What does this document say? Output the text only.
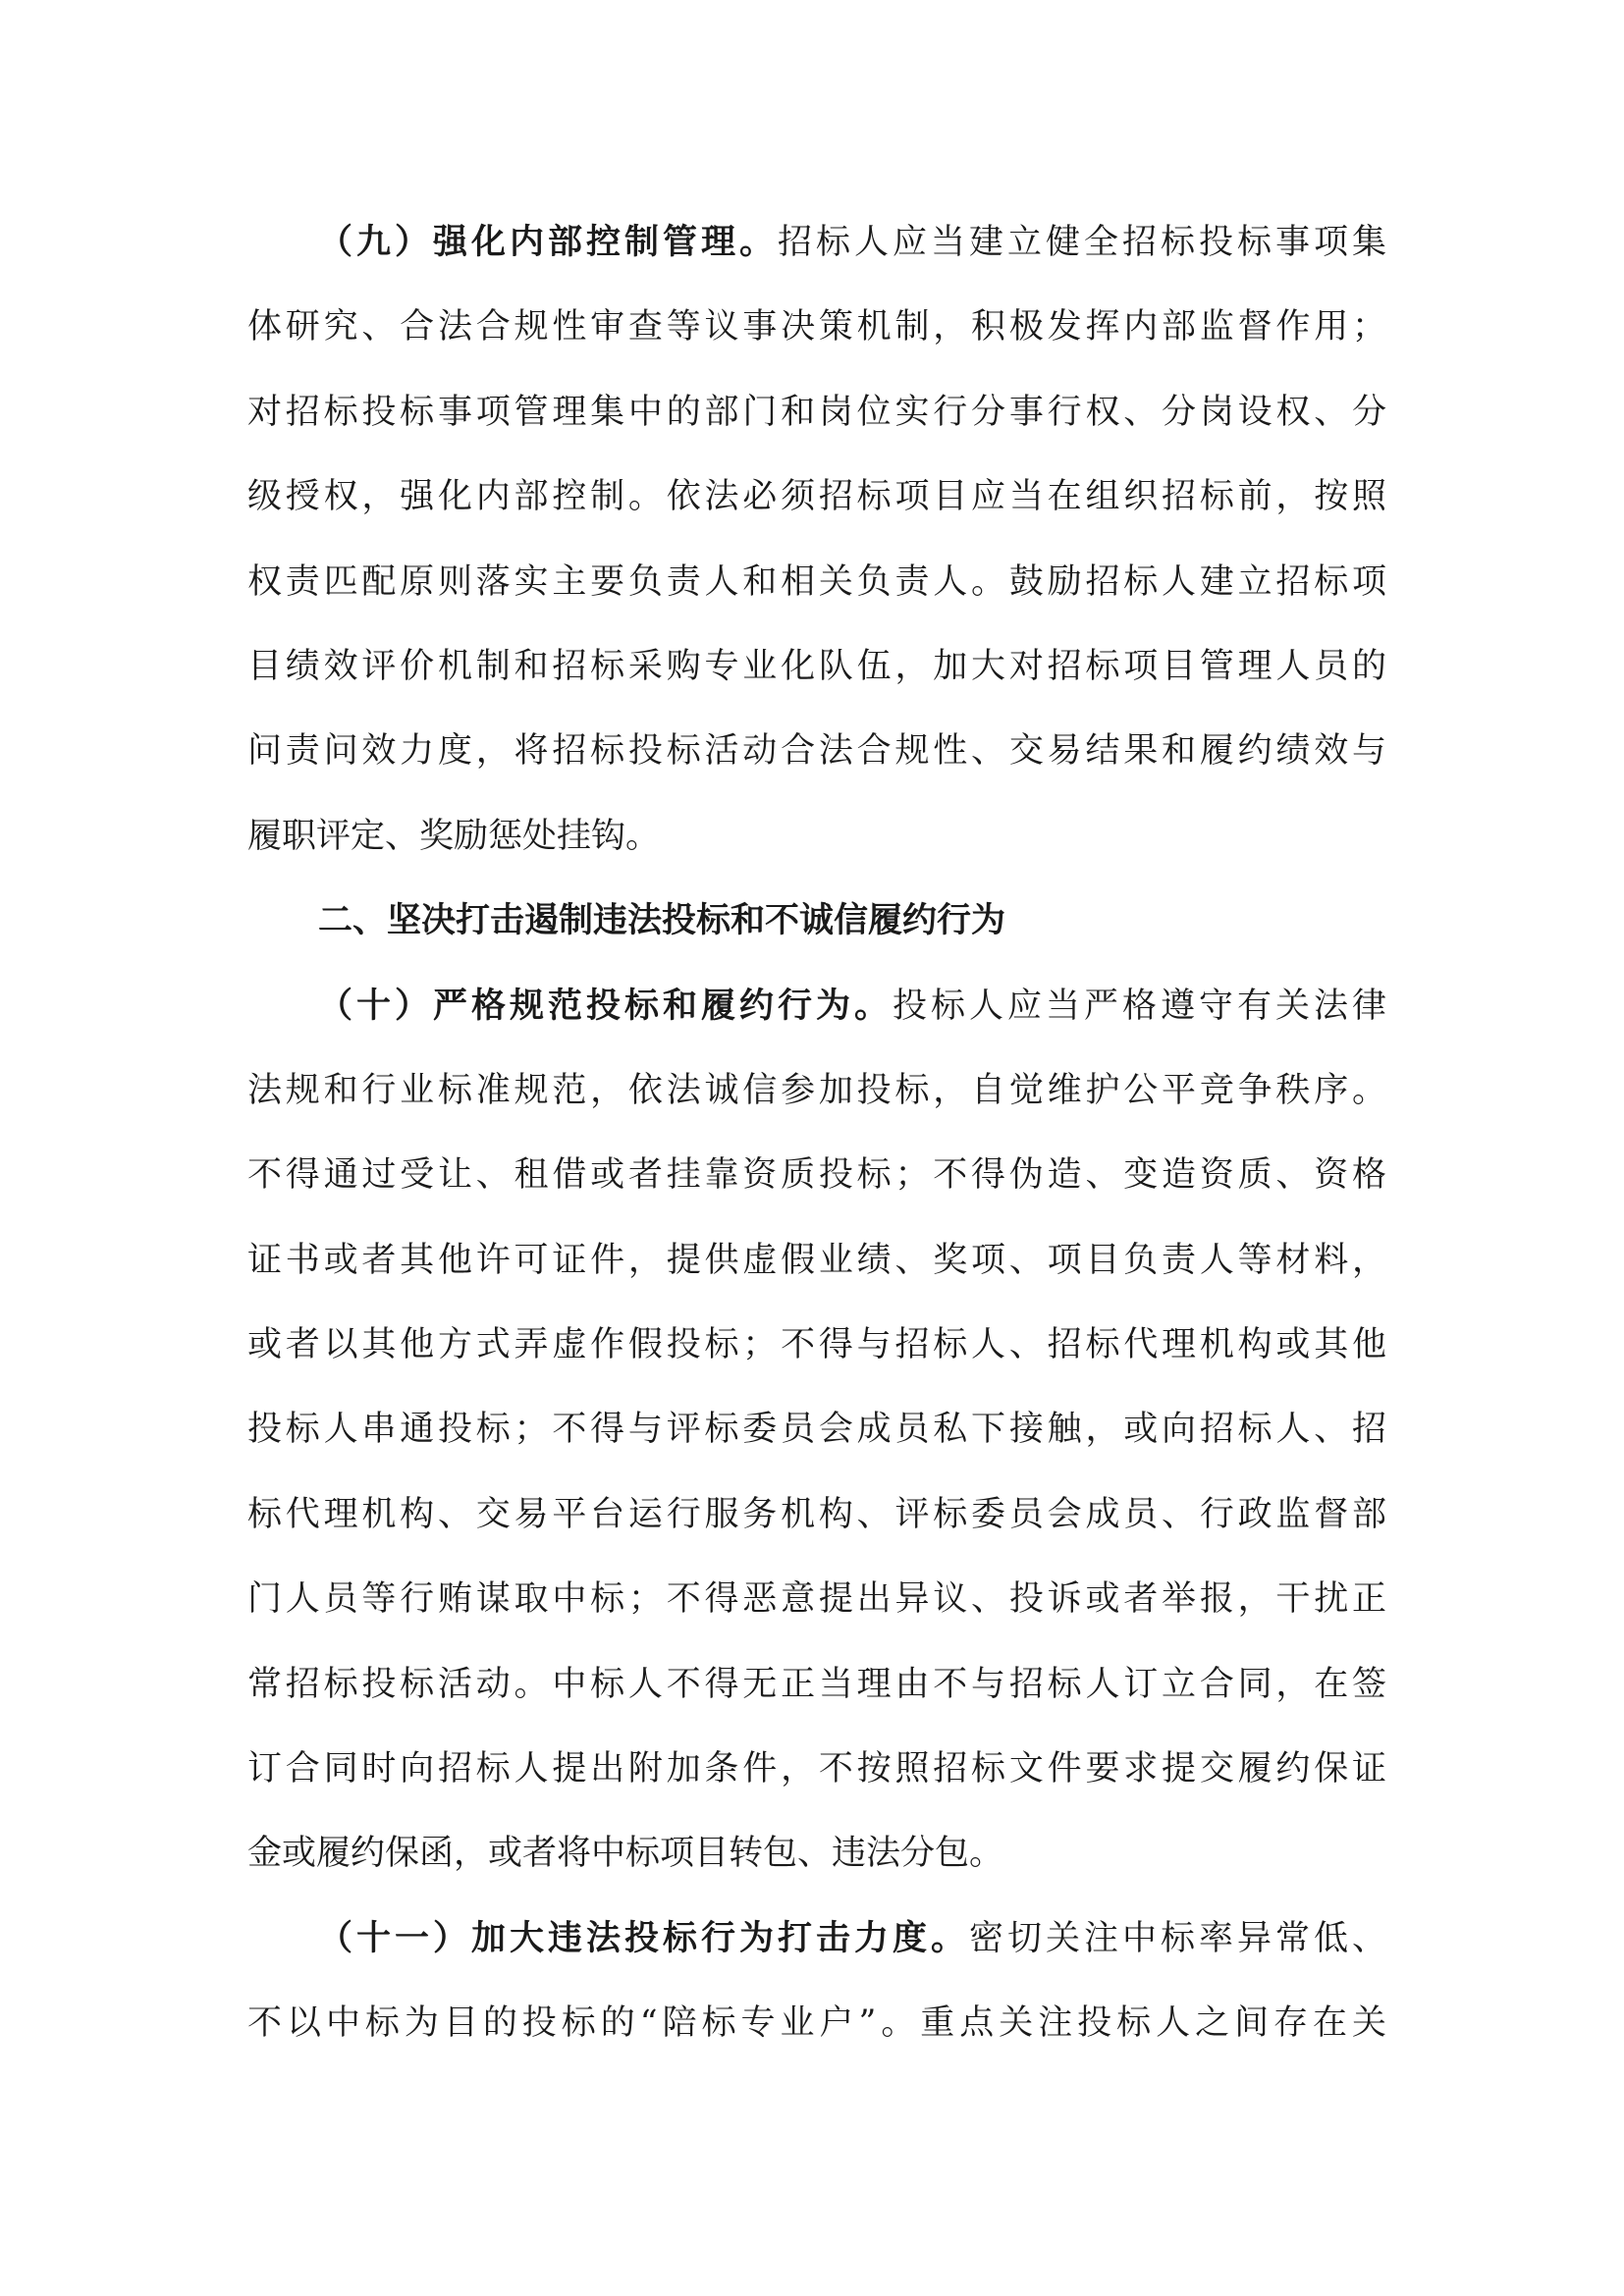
（九）强化内部控制管理。招标人应当建立健全招标投标事项集
体研究、合法合规性审查等议事决策机制，积极发挥内部监督作用；
对招标投标事项管理集中的部门和岗位实行分事行权、分岗设权、分
级授权，强化内部控制。依法必须招标项目应当在组织招标前，按照
权责匹配原则落实主要负责人和相关负责人。鼓励招标人建立招标项
目绩效评价机制和招标采购专业化队伍，加大对招标项目管理人员的
问责问效力度，将招标投标活动合法合规性、交易结果和履约绩效与
履职评定、奖励惩处挂钩。
二、坚决打击遏制违法投标和不诚信履约行为
（十）严格规范投标和履约行为。投标人应当严格遵守有关法律
法规和行业标准规范，依法诚信参加投标，自觉维护公平竞争秩序。
不得通过受让、租借或者挂靠资质投标；不得伪造、变造资质、资格
证书或者其他许可证件，提供虚假业绩、奖项、项目负责人等材料，
或者以其他方式弄虚作假投标；不得与招标人、招标代理机构或其他
投标人串通投标；不得与评标委员会成员私下接触，或向招标人、招
标代理机构、交易平台运行服务机构、评标委员会成员、行政监督部
门人员等行贿谋取中标；不得恶意提出异议、投诉或者举报，干扰正
常招标投标活动。中标人不得无正当理由不与招标人订立合同，在签
订合同时向招标人提出附加条件，不按照招标文件要求提交履约保证
金或履约保函，或者将中标项目转包、违法分包。
（十一）加大违法投标行为打击力度。密切关注中标率异常低、
不以中标为目的投标的“陪标专业户”。重点关注投标人之间存在关
